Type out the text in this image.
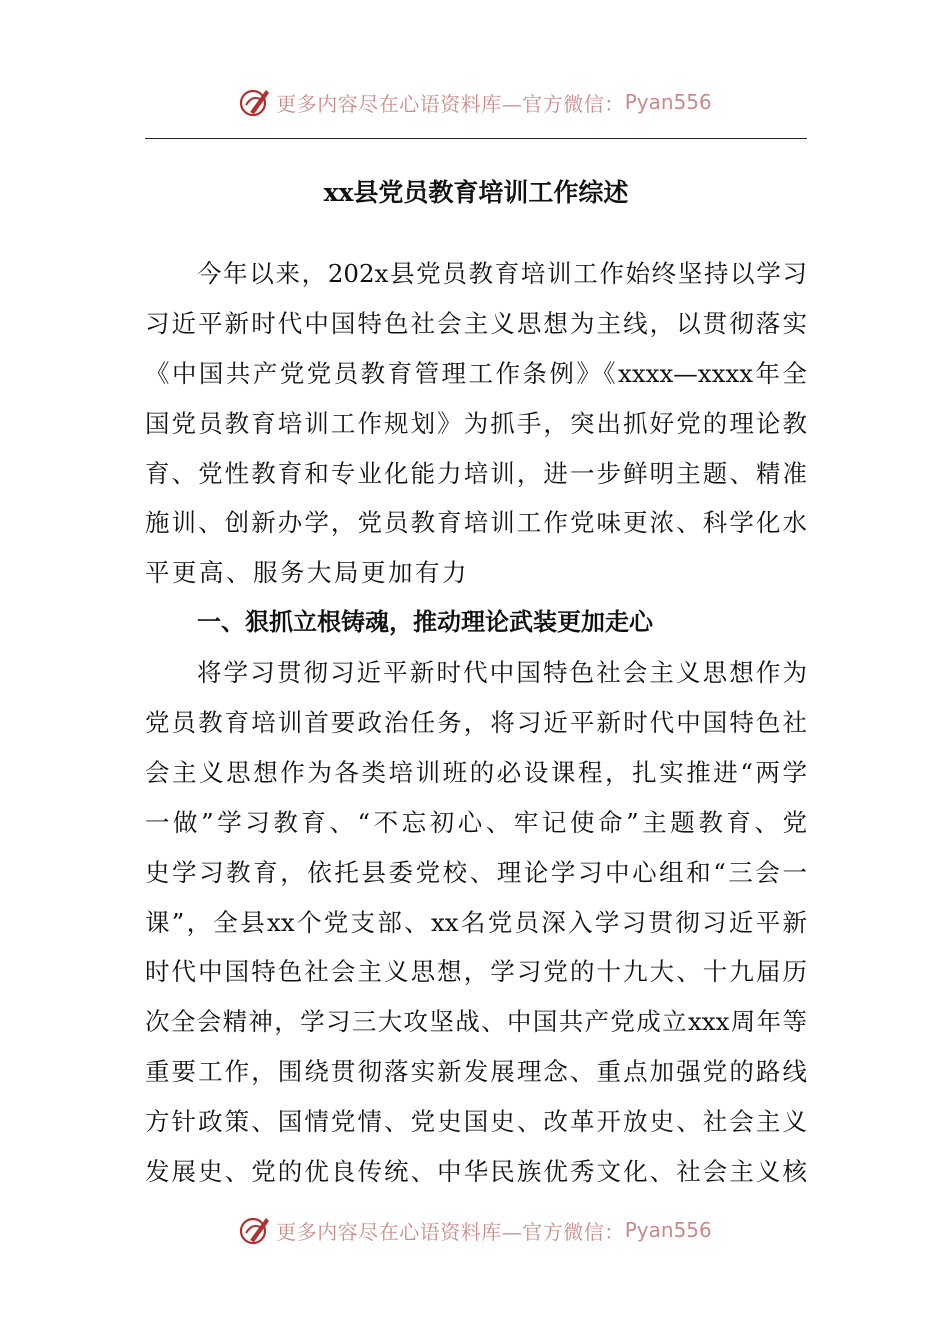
更多内容尽在心语资料库—官方微信： Pyan556
xx县党员教育培训工作综述
今年以来，202x县党员教育培训工作始终坚持以学习
习近平新时代中国特色社会主义思想为主线，以贯彻落实
《中国共产党党员教育管理工作条例》《xxxx—xxxx年全
国党员教育培训工作规划》为抓手，突出抓好党的理论教
育、党性教育和专业化能力培训，进一步鲜明主题、精准
施训、创新办学，党员教育培训工作党味更浓、科学化水
平更高、服务大局更加有力
一、狠抓立根铸魂，推动理论武装更加走心
将学习贯彻习近平新时代中国特色社会主义思想作为
党员教育培训首要政治任务，将习近平新时代中国特色社
会主义思想作为各类培训班的必设课程，扎实推进“两学
一做”学习教育、“不忘初心、牢记使命”主题教育、党
史学习教育，依托县委党校、理论学习中心组和“三会一
课”，全县xx个党支部、xx名党员深入学习贯彻习近平新
时代中国特色社会主义思想，学习党的十九大、十九届历
次全会精神，学习三大攻坚战、中国共产党成立xxx周年等
重要工作，围绕贯彻落实新发展理念、重点加强党的路线
方针政策、国情党情、党史国史、改革开放史、社会主义
发展史、党的优良传统、中华民族优秀文化、社会主义核
更多内容尽在心语资料库—官方微信： Pyan556
